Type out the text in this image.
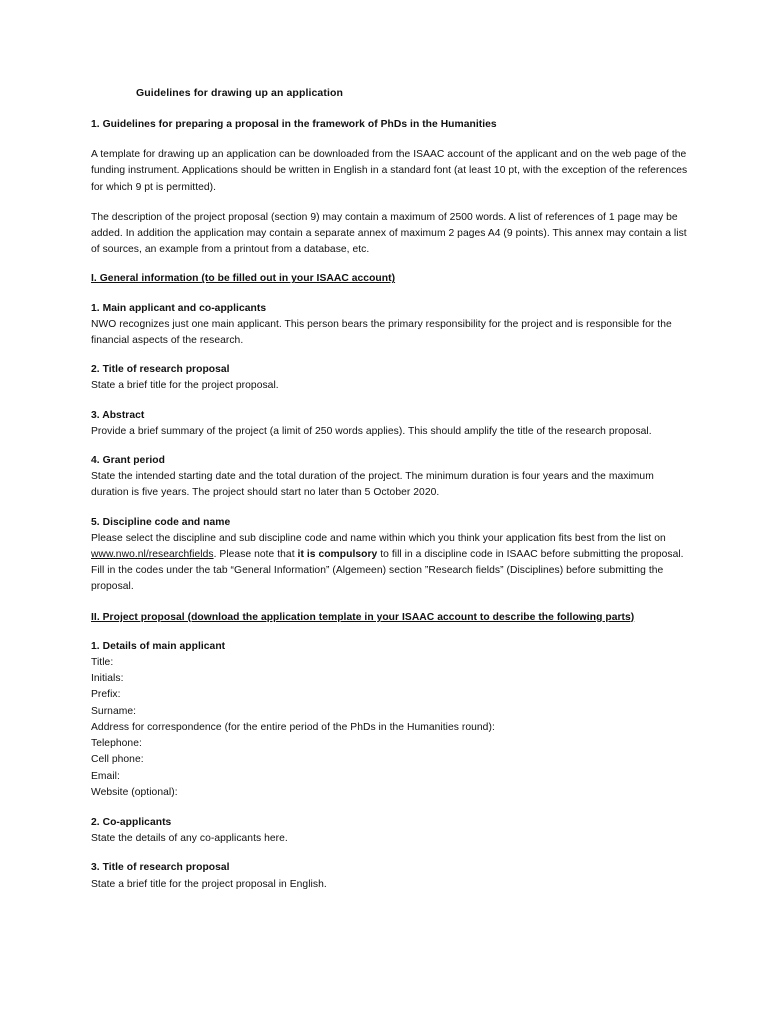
Guidelines for drawing up an application

1. Guidelines for preparing a proposal in the framework of PhDs in the Humanities

A template for drawing up an application can be downloaded from the ISAAC account of the applicant and on the web page of the funding instrument. Applications should be written in English in a standard font (at least 10 pt, with the exception of the references for which 9 pt is permitted).

The description of the project proposal (section 9) may contain a maximum of 2500 words. A list of references of 1 page may be added. In addition the application may contain a separate annex of maximum 2 pages A4 (9 points). This annex may contain a list of sources, an example from a printout from a database, etc.

I. General information (to be filled out in your ISAAC account)

1. Main applicant and co-applicants

NWO recognizes just one main applicant. This person bears the primary responsibility for the project and is responsible for the financial aspects of the research.

2. Title of research proposal

State a brief title for the project proposal.

3. Abstract

Provide a brief summary of the project (a limit of 250 words applies). This should amplify the title of the research proposal.

4. Grant period

State the intended starting date and the total duration of the project. The minimum duration is four years and the maximum duration is five years. The project should start no later than 5 October 2020.

5. Discipline code and name

Please select the discipline and sub discipline code and name within which you think your application fits best from the list on www.nwo.nl/researchfields. Please note that it is compulsory to fill in a discipline code in ISAAC before submitting the proposal. Fill in the codes under the tab “General Information” (Algemeen) section ”Research fields” (Disciplines) before submitting the proposal.

II. Project proposal (download the application template in your ISAAC account to describe the following parts)

1. Details of main applicant

Title:

Initials:

Prefix:

Surname:

Address for correspondence (for the entire period of the PhDs in the Humanities round):

Telephone:

Cell phone:

Email:

Website (optional):

2. Co-applicants

State the details of any co-applicants here.

3. Title of research proposal

State a brief title for the project proposal in English.
